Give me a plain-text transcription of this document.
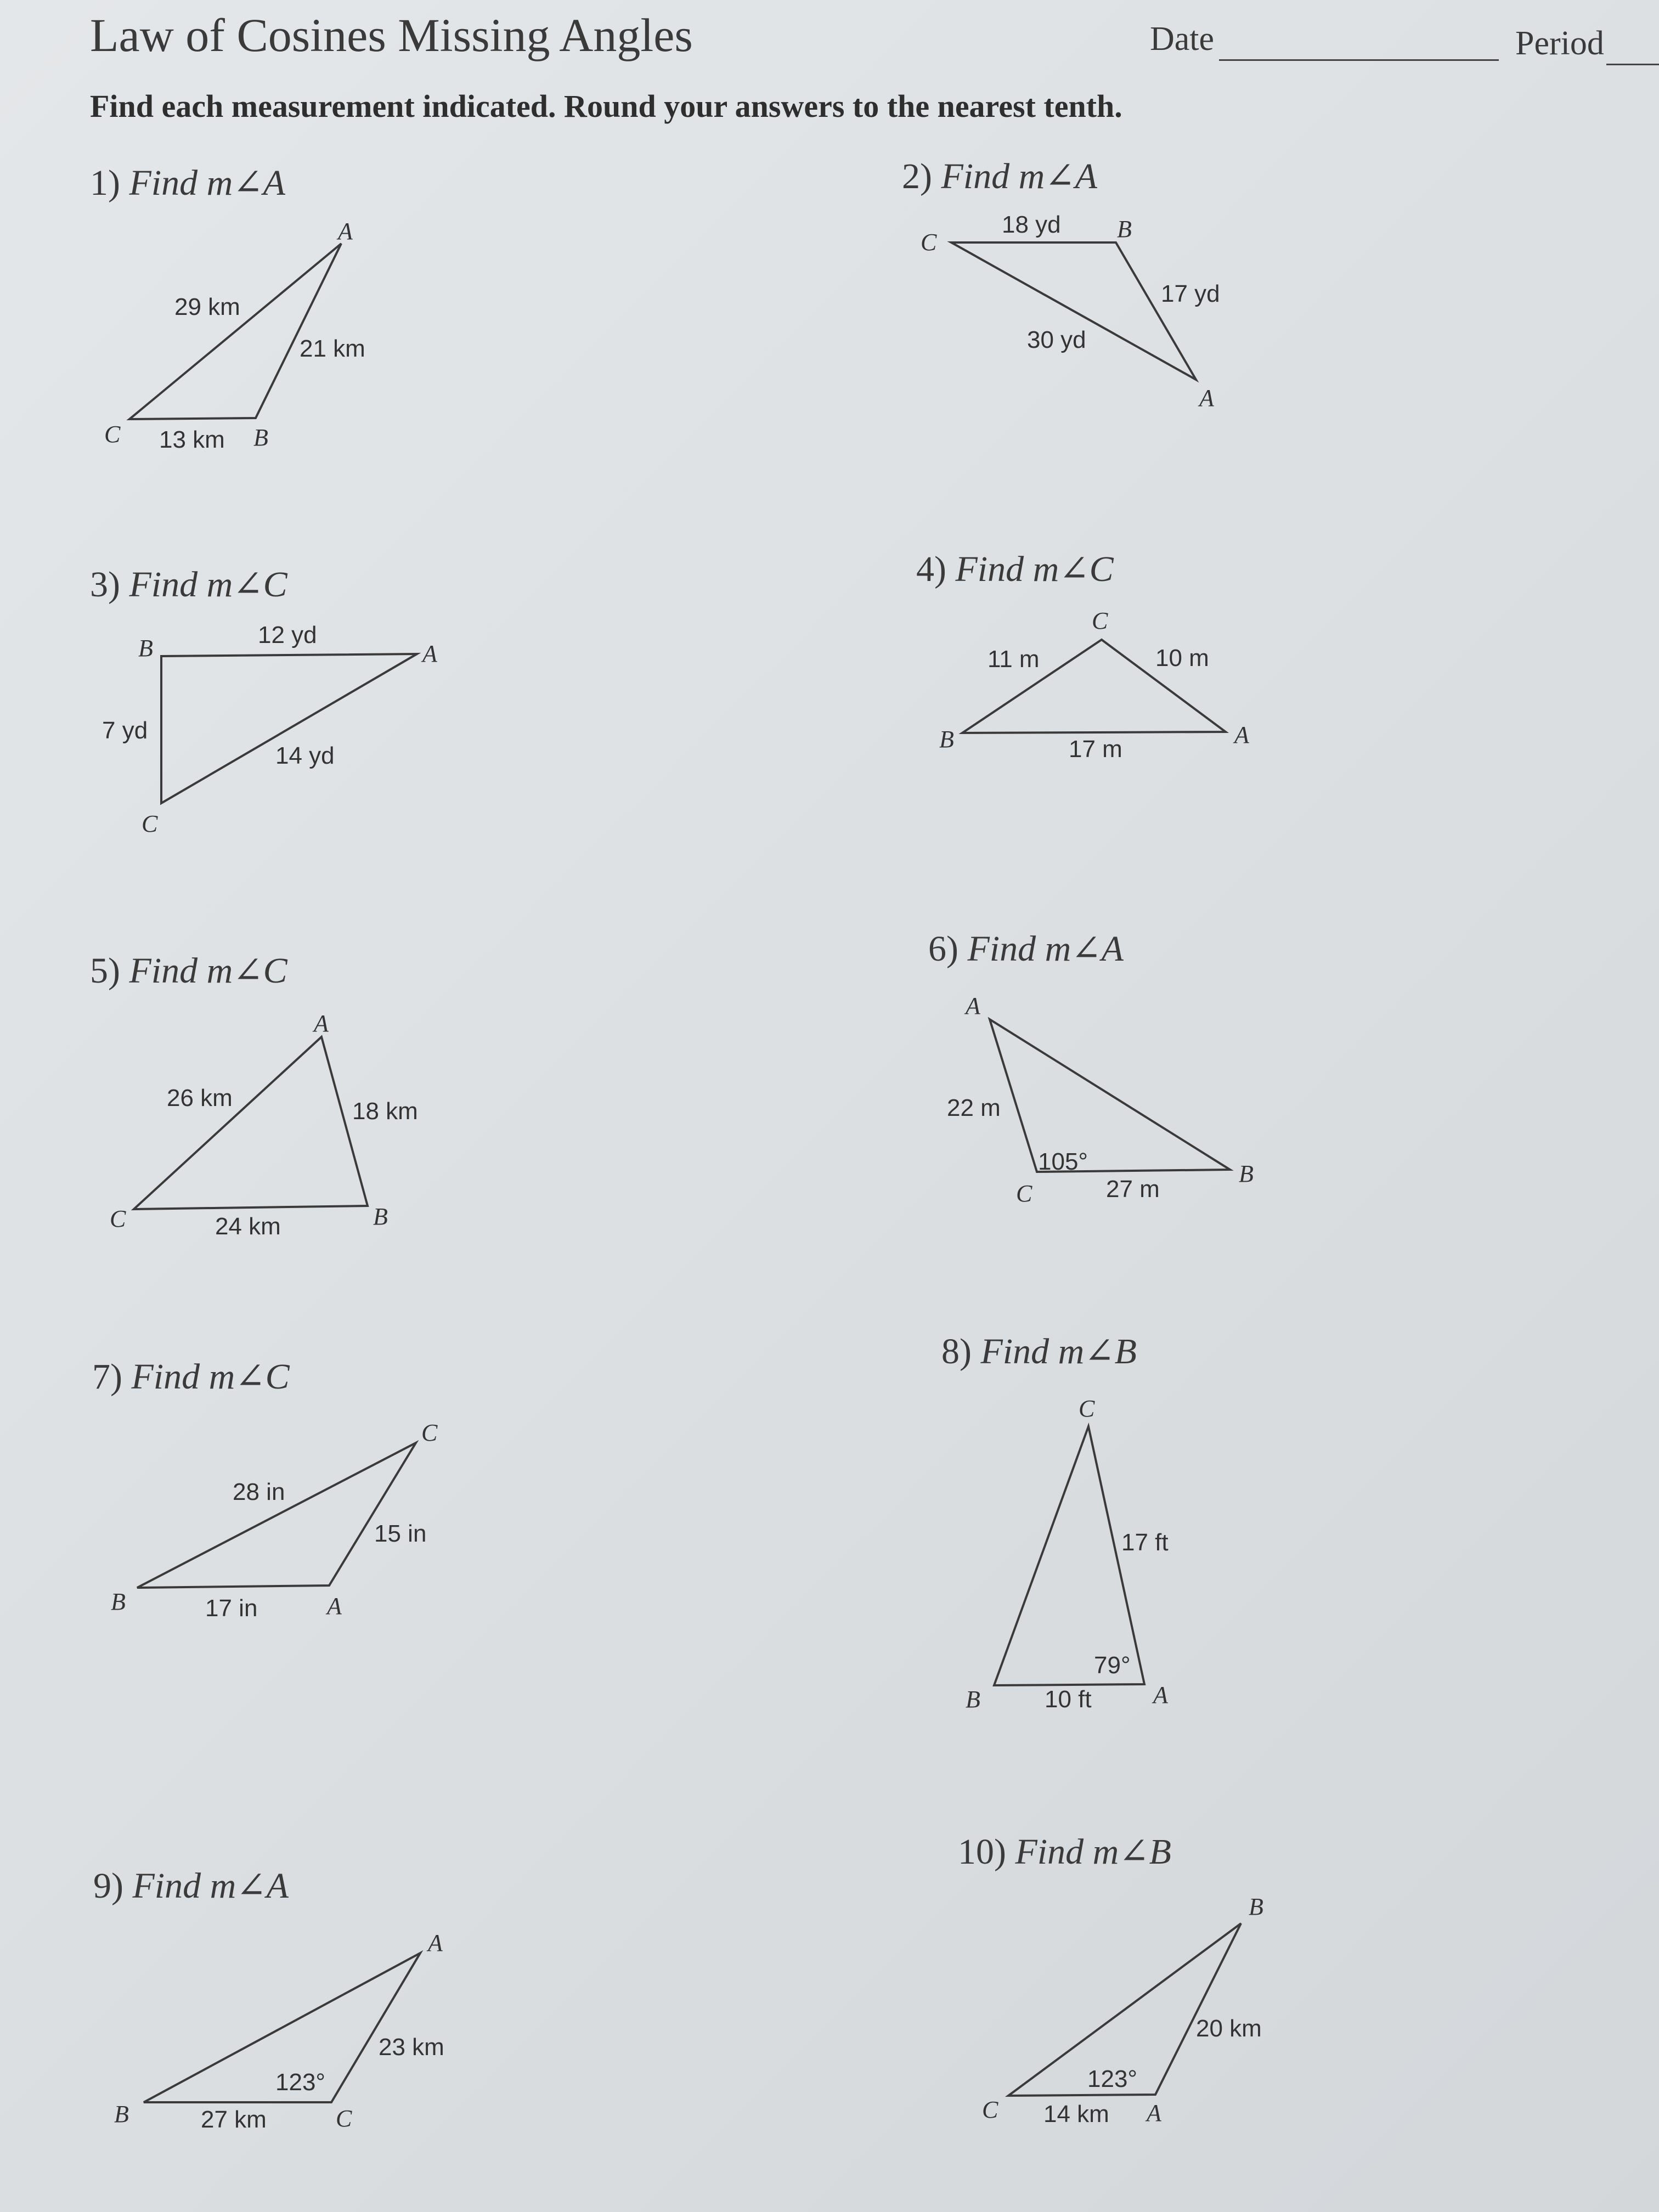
Law of Cosines Missing Angles	Date	Period
Find each measurement indicated. Round your answers to the nearest tenth.
1) Find m∠A	2) Find m∠A
3) Find m∠C	4) Find m∠C
5) Find m∠C
6) Find m∠A
7) Find m∠C
8) Find m∠B
9) Find m∠A
10) Find m∠B
A
C	B
29 km
21 km
13 km
C	B
A
18 yd
17 yd
30 yd
B	A
C
12 yd
7 yd
14 yd
C
B	A
11 m	10 m
17 m
A
C	B
26 km	18 km
24 km
A
C
B
22 m
27 m
105°
C
B	A
28 in
15 in
17 in
C
B	A
17 ft
10 ft
79°
A
B	C
23 km
27 km
123°
B
C	A
20 km
14 km
123°
